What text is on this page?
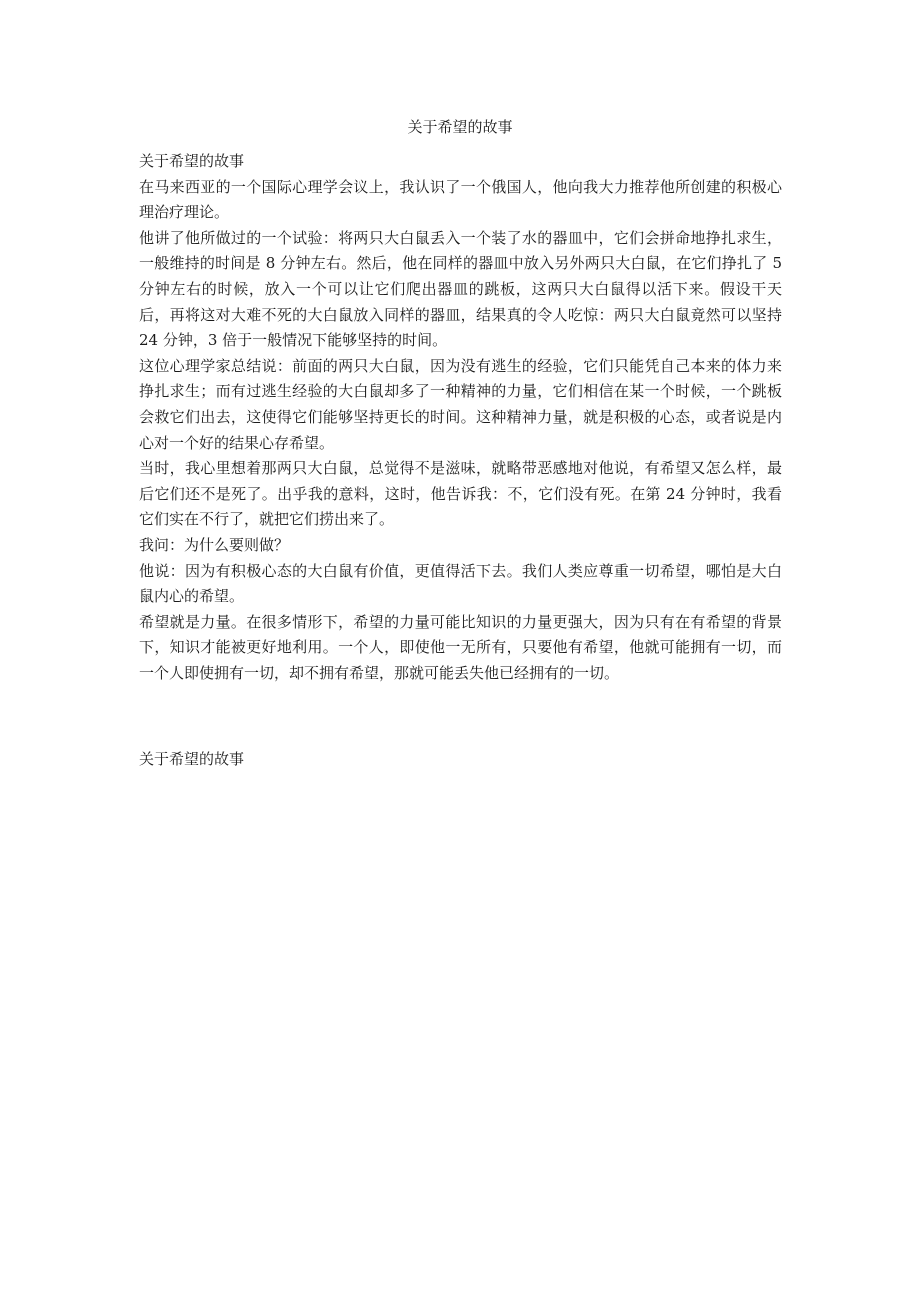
关于希望的故事

关于希望的故事

在马来西亚的一个国际心理学会议上，我认识了一个俄国人，他向我大力推荐他所创建的积极心理治疗理论。

他讲了他所做过的一个试验：将两只大白鼠丢入一个装了水的器皿中，它们会拼命地挣扎求生，一般维持的时间是 8 分钟左右。然后，他在同样的器皿中放入另外两只大白鼠，在它们挣扎了 5 分钟左右的时候，放入一个可以让它们爬出器皿的跳板，这两只大白鼠得以活下来。假设干天后，再将这对大难不死的大白鼠放入同样的器皿，结果真的令人吃惊：两只大白鼠竟然可以坚持 24 分钟，3 倍于一般情况下能够坚持的时间。

这位心理学家总结说：前面的两只大白鼠，因为没有逃生的经验，它们只能凭自己本来的体力来挣扎求生；而有过逃生经验的大白鼠却多了一种精神的力量，它们相信在某一个时候，一个跳板会救它们出去，这使得它们能够坚持更长的时间。这种精神力量，就是积极的心态，或者说是内心对一个好的结果心存希望。

当时，我心里想着那两只大白鼠，总觉得不是滋味，就略带恶感地对他说，有希望又怎么样，最后它们还不是死了。出乎我的意料，这时，他告诉我：不，它们没有死。在第 24 分钟时，我看它们实在不行了，就把它们捞出来了。

我问：为什么要则做？

他说：因为有积极心态的大白鼠有价值，更值得活下去。我们人类应尊重一切希望，哪怕是大白鼠内心的希望。

希望就是力量。在很多情形下，希望的力量可能比知识的力量更强大，因为只有在有希望的背景下，知识才能被更好地利用。一个人，即使他一无所有，只要他有希望，他就可能拥有一切，而一个人即使拥有一切，却不拥有希望，那就可能丢失他已经拥有的一切。

关于希望的故事
